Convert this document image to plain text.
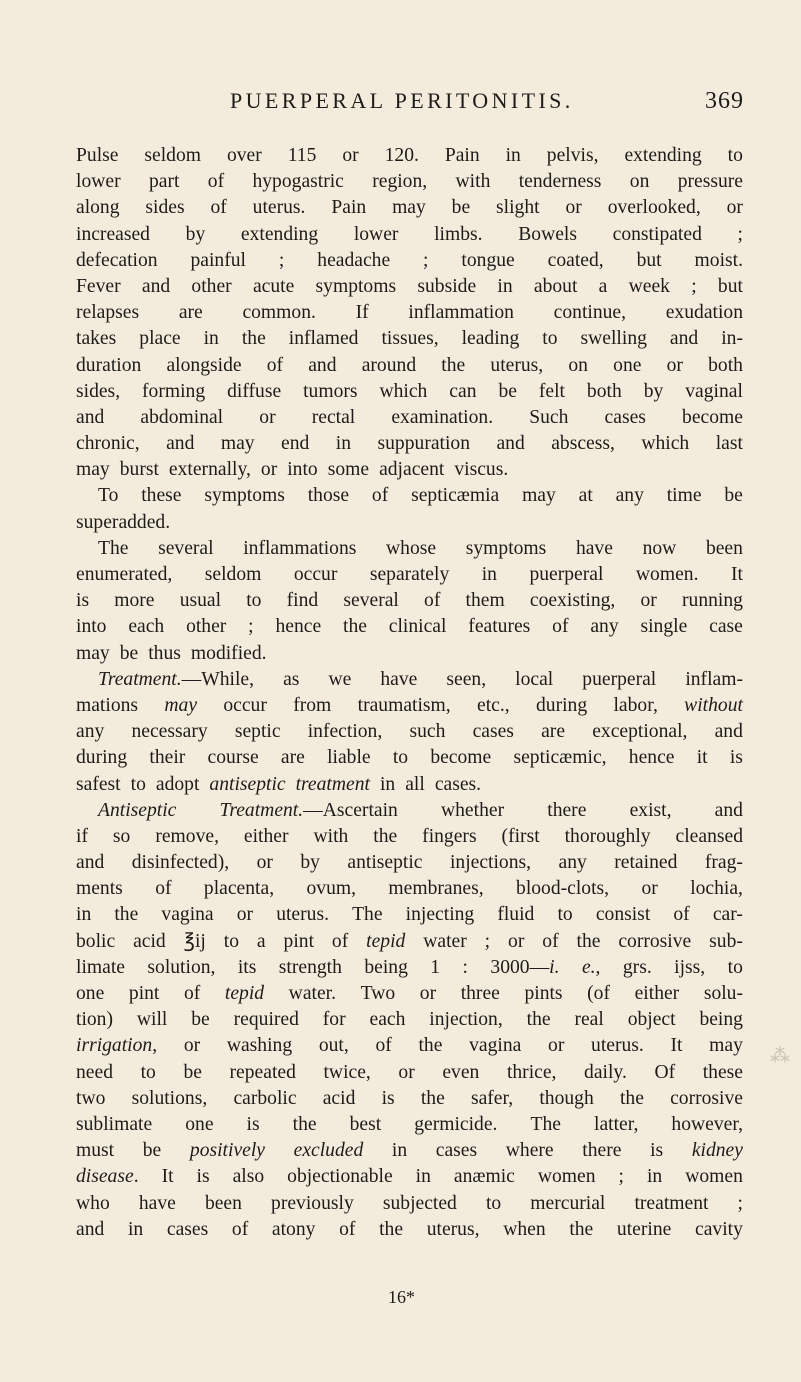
PUERPERAL PERITONITIS.	369
Pulse seldom over 115 or 120. Pain in pelvis, extending to
lower part of hypogastric region, with tenderness on pressure
along sides of uterus. Pain may be slight or overlooked, or
increased by extending lower limbs. Bowels constipated ;
defecation painful ; headache ; tongue coated, but moist.
Fever and other acute symptoms subside in about a week ; but
relapses are common. If inflammation continue, exudation
takes place in the inflamed tissues, leading to swelling and in-
duration alongside of and around the uterus, on one or both
sides, forming diffuse tumors which can be felt both by vaginal
and abdominal or rectal examination. Such cases become
chronic, and may end in suppuration and abscess, which last
may burst externally, or into some adjacent viscus.
To these symptoms those of septicæmia may at any time be
superadded.
The several inflammations whose symptoms have now been
enumerated, seldom occur separately in puerperal women. It
is more usual to find several of them coexisting, or running
into each other ; hence the clinical features of any single case
may be thus modified.
Treatment.—While, as we have seen, local puerperal inflam-
mations may occur from traumatism, etc., during labor, without
any necessary septic infection, such cases are exceptional, and
during their course are liable to become septicæmic, hence it is
safest to adopt antiseptic treatment in all cases.
Antiseptic Treatment.—Ascertain whether there exist, and
if so remove, either with the fingers (first thoroughly cleansed
and disinfected), or by antiseptic injections, any retained frag-
ments of placenta, ovum, membranes, blood-clots, or lochia,
in the vagina or uterus. The injecting fluid to consist of car-
bolic acid ℥ij to a pint of tepid water ; or of the corrosive sub-
limate solution, its strength being 1 : 3000—i. e., grs. ijss, to
one pint of tepid water. Two or three pints (of either solu-
tion) will be required for each injection, the real object being
irrigation, or washing out, of the vagina or uterus. It may
need to be repeated twice, or even thrice, daily. Of these
two solutions, carbolic acid is the safer, though the corrosive
sublimate one is the best germicide. The latter, however,
must be positively excluded in cases where there is kidney
disease. It is also objectionable in anæmic women ; in women
who have been previously subjected to mercurial treatment ;
and in cases of atony of the uterus, when the uterine cavity
16*
⁂
